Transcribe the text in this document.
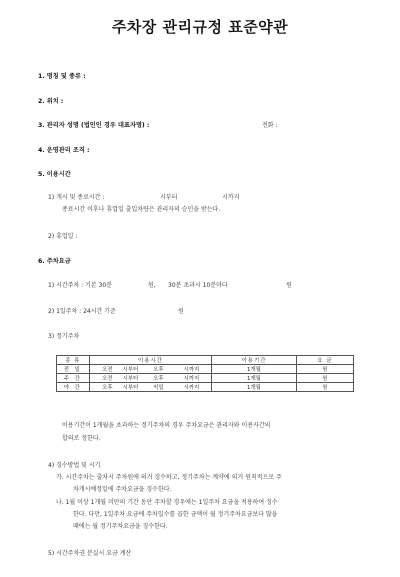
주차장 관리규정 표준약관
1. 명칭 및 종류 :
2. 위치 :
3. 관리자 성명 (법인인 경우 대표자명) :	전화 :
4. 운영관리 조직 :
5. 이용시간
1) 개시 및 종료시간 :	시부터	시까지
종료시간 이후나 휴업일 출입차량은 관리자의 승인을 받는다.
2) 휴업일 :
6. 주차요금
1) 시간주차 : 기본 30분	원, 30분 초과시 10분마다	원
2) 1일주차 : 24시간 기준	원
3) 정기주차
종 류	이용시간	이용기간	요 금
전 일	오전 시부터 오후 시까지	1개월	원
주 간	오전 시부터 오후 시까지	1개월	원
야 간	오후 시부터 익일 시까지	1개월	원
이용기간이 1개월을 초과하는 정기주차의 경우 주차요금은 관리자와 이용자간의
합의로 정한다.
4) 징수방법 및 시기
가. 시간주차는 출차시 주차원에 의거 징수하고, 정기주차는 계약에 의거 원칙적으로 주
차개시예정일에 주차요금을 징수한다.
나. 1월 이상 1개월 미만의 기간 동안 주차할 경우에는 1일주차 요금을 적용하여 징수
한다. 다만, 1일주차 요금에 주차일수를 곱한 금액이 월 정기주차요금보다 많을
때에는 월 정기주차요금을 징수한다.
5) 시간주차권 분실시 요금 계산
